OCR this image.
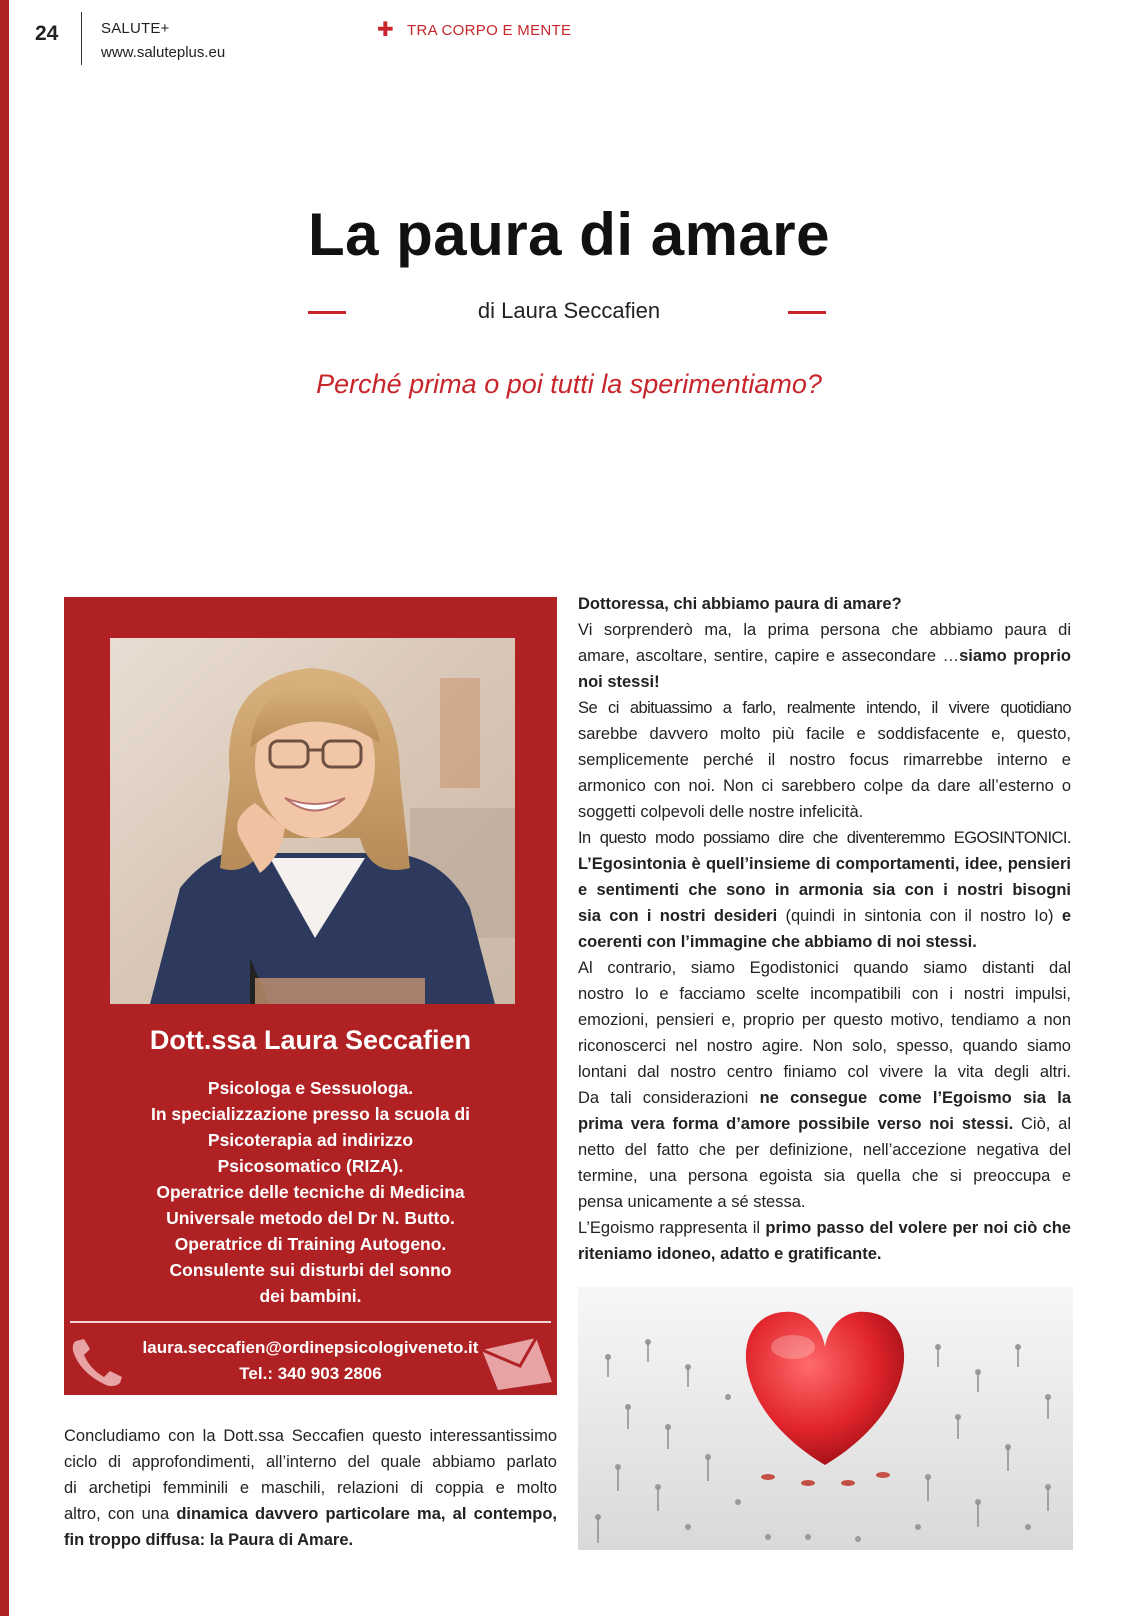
24	SALUTE+
www.saluteplus.eu
✚ TRA CORPO E MENTE
La paura di amare
di Laura Seccafien
Perché prima o poi tutti la sperimentiamo?
Dott.ssa Laura Seccafien
Psicologa e Sessuologa.
In specializzazione presso la scuola di
Psicoterapia ad indirizzo
Psicosomatico (RIZA).
Operatrice delle tecniche di Medicina
Universale metodo del Dr N. Butto.
Operatrice di Training Autogeno.
Consulente sui disturbi del sonno
dei bambini.
laura.seccafien@ordinepsicologiveneto.it
Tel.: 340 903 2806
Concludiamo con la Dott.ssa Seccafien questo interessantissimo
ciclo di approfondimenti, all’interno del quale abbiamo parlato
di archetipi femminili e maschili, relazioni di coppia e molto
altro, con una dinamica davvero particolare ma, al contempo,
fin troppo diffusa: la Paura di Amare.
Dottoressa, chi abbiamo paura di amare?
Vi sorprenderò ma, la prima persona che abbiamo paura di
amare, ascoltare, sentire, capire e assecondare …siamo proprio
noi stessi!
Se ci abituassimo a farlo, realmente intendo, il vivere quotidiano
sarebbe davvero molto più facile e soddisfacente e, questo,
semplicemente perché il nostro focus rimarrebbe interno e
armonico con noi. Non ci sarebbero colpe da dare all’esterno o
soggetti colpevoli delle nostre infelicità.
In questo modo possiamo dire che diventeremmo EGOSINTONICI.
L’Egosintonia è quell’insieme di comportamenti, idee, pensieri
e sentimenti che sono in armonia sia con i nostri bisogni
sia con i nostri desideri (quindi in sintonia con il nostro Io) e
coerenti con l’immagine che abbiamo di noi stessi.
Al contrario, siamo Egodistonici quando siamo distanti dal
nostro Io e facciamo scelte incompatibili con i nostri impulsi,
emozioni, pensieri e, proprio per questo motivo, tendiamo a non
riconoscerci nel nostro agire. Non solo, spesso, quando siamo
lontani dal nostro centro finiamo col vivere la vita degli altri.
Da tali considerazioni ne consegue come l’Egoismo sia la
prima vera forma d’amore possibile verso noi stessi. Ciò, al
netto del fatto che per definizione, nell’accezione negativa del
termine, una persona egoista sia quella che si preoccupa e
pensa unicamente a sé stessa.
L’Egoismo rappresenta il primo passo del volere per noi ciò che
riteniamo idoneo, adatto e gratificante.
